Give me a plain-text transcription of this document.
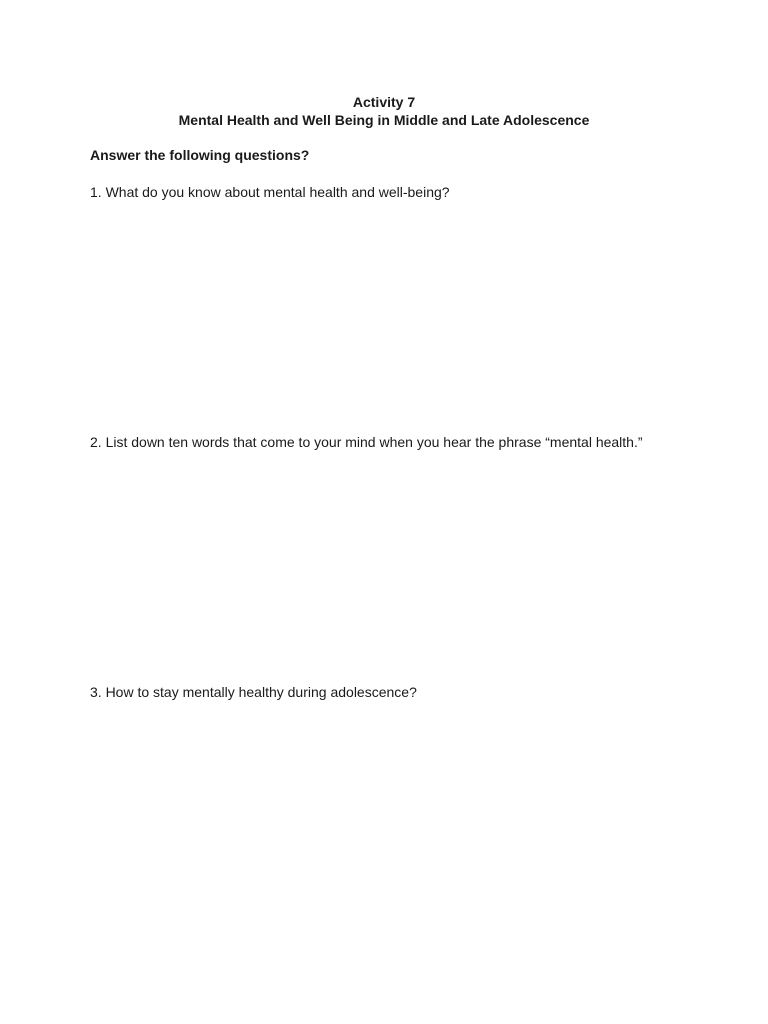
Activity 7
Mental Health and Well Being in Middle and Late Adolescence
Answer the following questions?
1. What do you know about mental health and well-being?
2. List down ten words that come to your mind when you hear the phrase “mental health.”
3. How to stay mentally healthy during adolescence?
